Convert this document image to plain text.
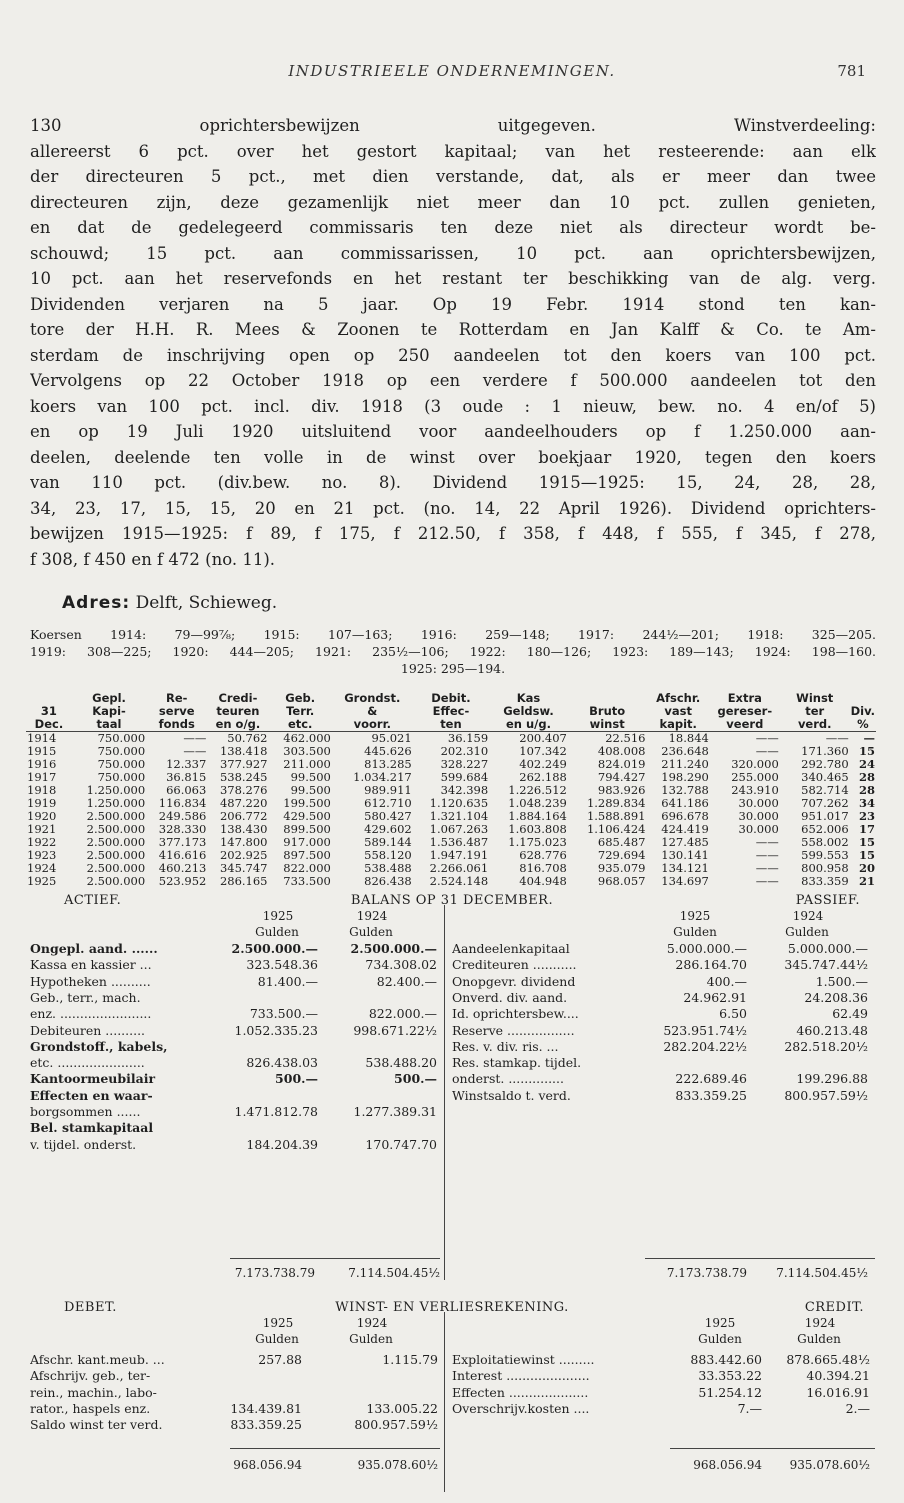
INDUSTRIEELE ONDERNEMINGEN.	781
130 oprichtersbewijzen uitgegeven. Winstverdeeling:
allereerst 6 pct. over het gestort kapitaal; van het resteerende: aan elk
der directeuren 5 pct., met dien verstande, dat, als er meer dan twee
directeuren zijn, deze gezamenlijk niet meer dan 10 pct. zullen genieten,
en dat de gedelegeerd commissaris ten deze niet als directeur wordt be-
schouwd; 15 pct. aan commissarissen, 10 pct. aan oprichtersbewijzen,
10 pct. aan het reservefonds en het restant ter beschikking van de alg. verg.
Dividenden verjaren na 5 jaar. Op 19 Febr. 1914 stond ten kan-
tore der H.H. R. Mees & Zoonen te Rotterdam en Jan Kalff & Co. te Am-
sterdam de inschrijving open op 250 aandeelen tot den koers van 100 pct.
Vervolgens op 22 October 1918 op een verdere f 500.000 aandeelen tot den
koers van 100 pct. incl. div. 1918 (3 oude : 1 nieuw, bew. no. 4 en/of 5)
en op 19 Juli 1920 uitsluitend voor aandeelhouders op f 1.250.000 aan-
deelen, deelende ten volle in de winst over boekjaar 1920, tegen den koers
van 110 pct. (div.bew. no. 8). Dividend 1915—1925: 15, 24, 28, 28,
34, 23, 17, 15, 15, 20 en 21 pct. (no. 14, 22 April 1926). Dividend oprichters-
bewijzen 1915—1925: f 89, f 175, f 212.50, f 358, f 448, f 555, f 345, f 278,
f 308, f 450 en f 472 (no. 11).
Adres: Delft, Schieweg.
Koersen 1914: 79—99⅞; 1915: 107—163; 1916: 259—148; 1917: 244½—201; 1918: 325—205.
1919: 308—225; 1920: 444—205; 1921: 235½—106; 1922: 180—126; 1923: 189—143; 1924: 198—160.
1925: 295—194.
	Gepl.	Re-	Credi-	Geb.	Grondst.	Debit.	Kas		Afschr.	Extra	Winst	
31	Kapi-	serve	teuren	Terr.	&	Effec-	Geldsw.	Bruto	vast	gereser-	ter	Div.
Dec.	taal	fonds	en o/g.	etc.	voorr.	ten	en u/g.	winst	kapit.	veerd	verd.	%
1914	750.000	——	50.762	462.000	95.021	36.159	200.407	22.516	18.844	——	——	—
1915	750.000	——	138.418	303.500	445.626	202.310	107.342	408.008	236.648	——	171.360	15
1916	750.000	12.337	377.927	211.000	813.285	328.227	402.249	824.019	211.240	320.000	292.780	24
1917	750.000	36.815	538.245	99.500	1.034.217	599.684	262.188	794.427	198.290	255.000	340.465	28
1918	1.250.000	66.063	378.276	99.500	989.911	342.398	1.226.512	983.926	132.788	243.910	582.714	28
1919	1.250.000	116.834	487.220	199.500	612.710	1.120.635	1.048.239	1.289.834	641.186	30.000	707.262	34
1920	2.500.000	249.586	206.772	429.500	580.427	1.321.104	1.884.164	1.588.891	696.678	30.000	951.017	23
1921	2.500.000	328.330	138.430	899.500	429.602	1.067.263	1.603.808	1.106.424	424.419	30.000	652.006	17
1922	2.500.000	377.173	147.800	917.000	589.144	1.536.487	1.175.023	685.487	127.485	——	558.002	15
1923	2.500.000	416.616	202.925	897.500	558.120	1.947.191	628.776	729.694	130.141	——	599.553	15
1924	2.500.000	460.213	345.747	822.000	538.488	2.266.061	816.708	935.079	134.121	——	800.958	20
1925	2.500.000	523.952	286.165	733.500	826.438	2.524.148	404.948	968.057	134.697	——	833.359	21
ACTIEF.	BALANS OP 31 DECEMBER.	PASSIEF.
1925	1924
Gulden	Gulden
1925	1924
Gulden	Gulden
Ongepl. aand. ......	2.500.000.—	2.500.000.—
Kassa en kassier ...	323.548.36	734.308.02
Hypotheken ..........	81.400.—	82.400.—
Geb., terr., mach.
enz. .......................	733.500.—	822.000.—
Debiteuren ..........	1.052.335.23	998.671.22½
Grondstoff., kabels,
etc. ......................	826.438.03	538.488.20
Kantoormeubilair	500.—	500.—
Effecten en waar-
borgsommen ......	1.471.812.78	1.277.389.31
Bel. stamkapitaal
v. tijdel. onderst.	184.204.39	170.747.70
Aandeelenkapitaal	5.000.000.—	5.000.000.—
Crediteuren ...........	286.164.70	345.747.44½
Onopgevr. dividend	400.—	1.500.—
Onverd. div. aand.	24.962.91	24.208.36
Id. oprichtersbew....	6.50	62.49
Reserve .................	523.951.74½	460.213.48
Res. v. div. ris. ...	282.204.22½	282.518.20½
Res. stamkap. tijdel.
onderst. ..............	222.689.46	199.296.88
Winstsaldo t. verd.	833.359.25	800.957.59½
7.173.738.79	7.114.504.45½	7.173.738.79	7.114.504.45½
DEBET.	WINST- EN VERLIESREKENING.	CREDIT.
1925	1924
Gulden	Gulden
1925	1924
Gulden	Gulden
Afschr. kant.meub. ...	257.88	1.115.79
Afschrijv. geb., ter-
rein., machin., labo-
rator., haspels enz.	134.439.81	133.005.22
Saldo winst ter verd.	833.359.25	800.957.59½
Exploitatiewinst .........	883.442.60	878.665.48½
Interest .....................	33.353.22	40.394.21
Effecten ....................	51.254.12	16.016.91
Overschrijv.kosten ....	7.—	2.—
968.056.94	935.078.60½	968.056.94	935.078.60½
